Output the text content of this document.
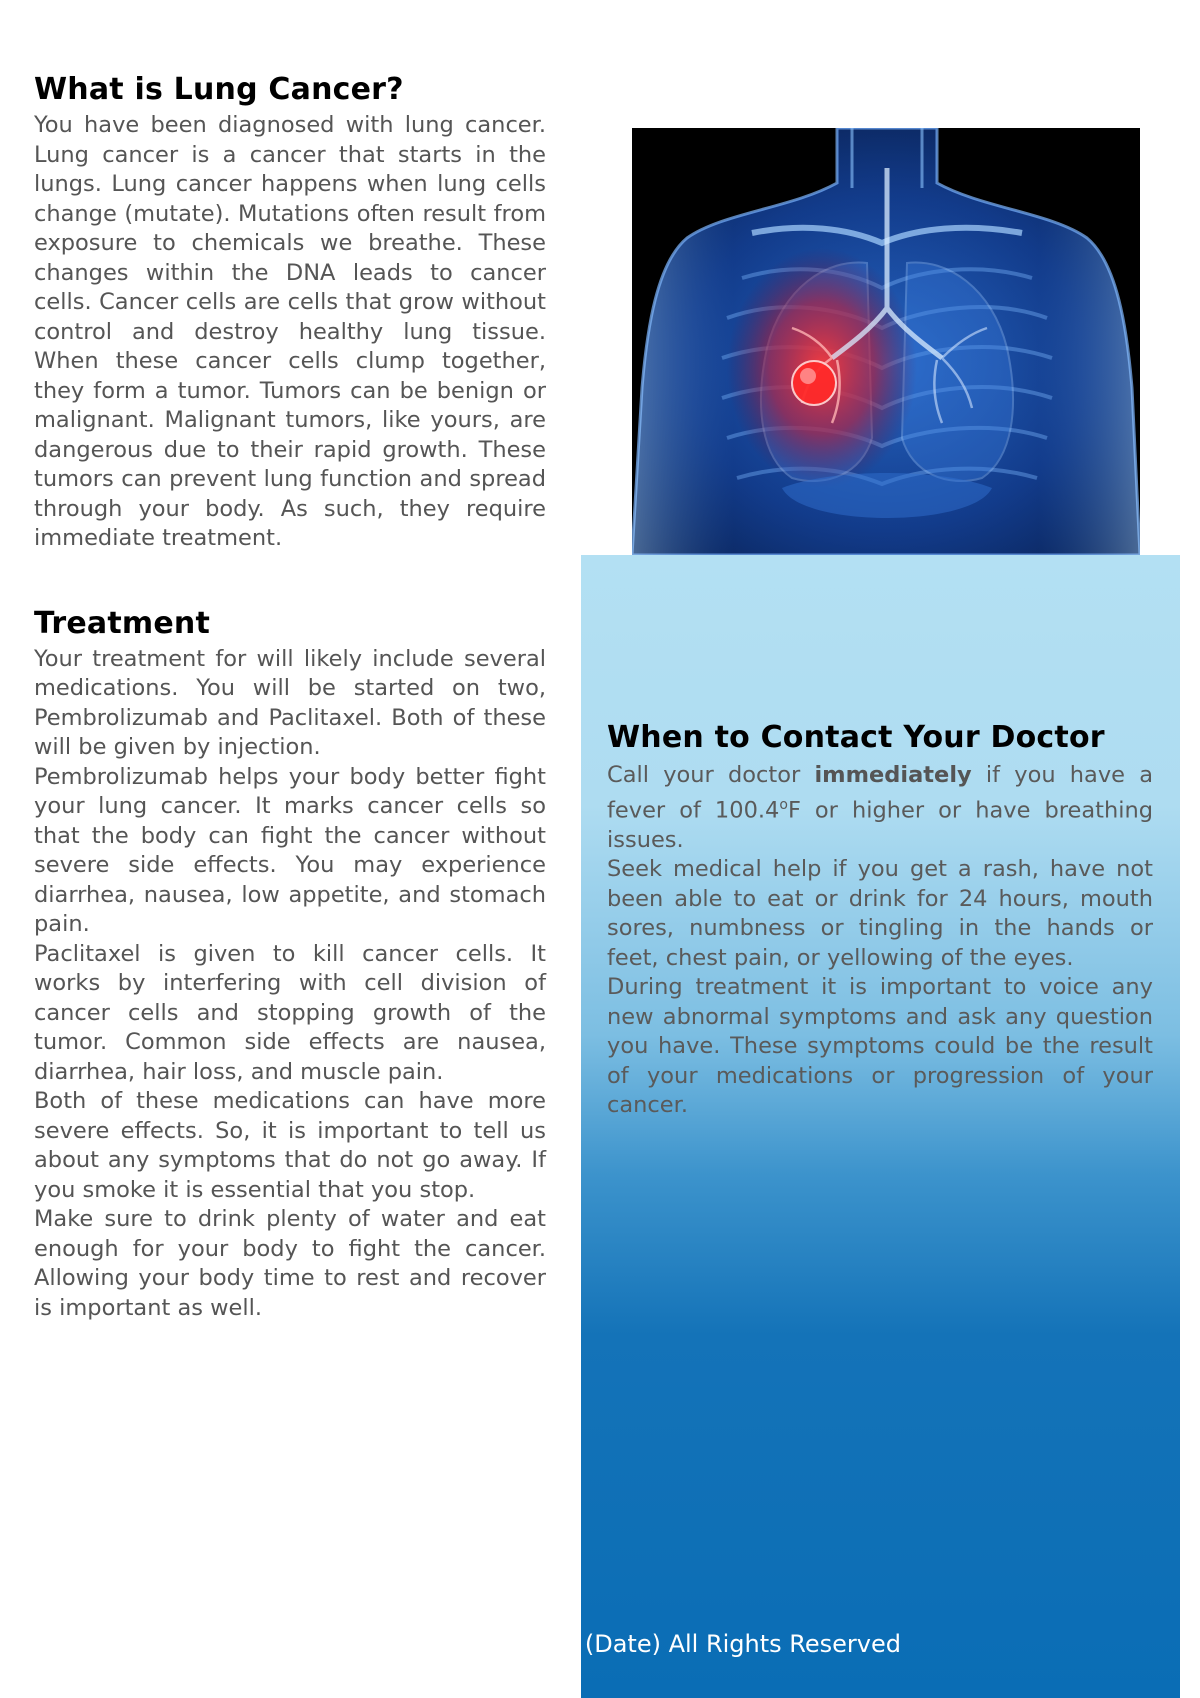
What is Lung Cancer?

You have been diagnosed with lung cancer. Lung cancer is a cancer that starts in the lungs. Lung cancer happens when lung cells change (mutate). Mutations often result from exposure to chemicals we breathe. These changes within the DNA leads to cancer cells. Cancer cells are cells that grow without control and destroy healthy lung tissue. When these cancer cells clump together, they form a tumor. Tumors can be benign or malignant. Malignant tumors, like yours, are dangerous due to their rapid growth. These tumors can prevent lung function and spread through your body. As such, they require immediate treatment.

Treatment

Your treatment for will likely include several medications. You will be started on two, Pembrolizumab and Paclitaxel. Both of these will be given by injection.

Pembrolizumab helps your body better fight your lung cancer. It marks cancer cells so that the body can fight the cancer without severe side effects. You may experience diarrhea, nausea, low appetite, and stomach pain.

Paclitaxel is given to kill cancer cells. It works by interfering with cell division of cancer cells and stopping growth of the tumor. Common side effects are nausea, diarrhea, hair loss, and muscle pain.

Both of these medications can have more severe effects. So, it is important to tell us about any symptoms that do not go away. If you smoke it is essential that you stop.

Make sure to drink plenty of water and eat enough for your body to fight the cancer. Allowing your body time to rest and recover is important as well.

When to Contact Your Doctor

Call your doctor immediately if you have a fever of 100.4$^o$F or higher or have breathing issues.

Seek medical help if you get a rash, have not been able to eat or drink for 24 hours, mouth sores, numbness or tingling in the hands or feet, chest pain, or yellowing of the eyes.

During treatment it is important to voice any new abnormal symptoms and ask any question you have. These symptoms could be the result of your medications or progression of your cancer.

(Date) All Rights Reserved
